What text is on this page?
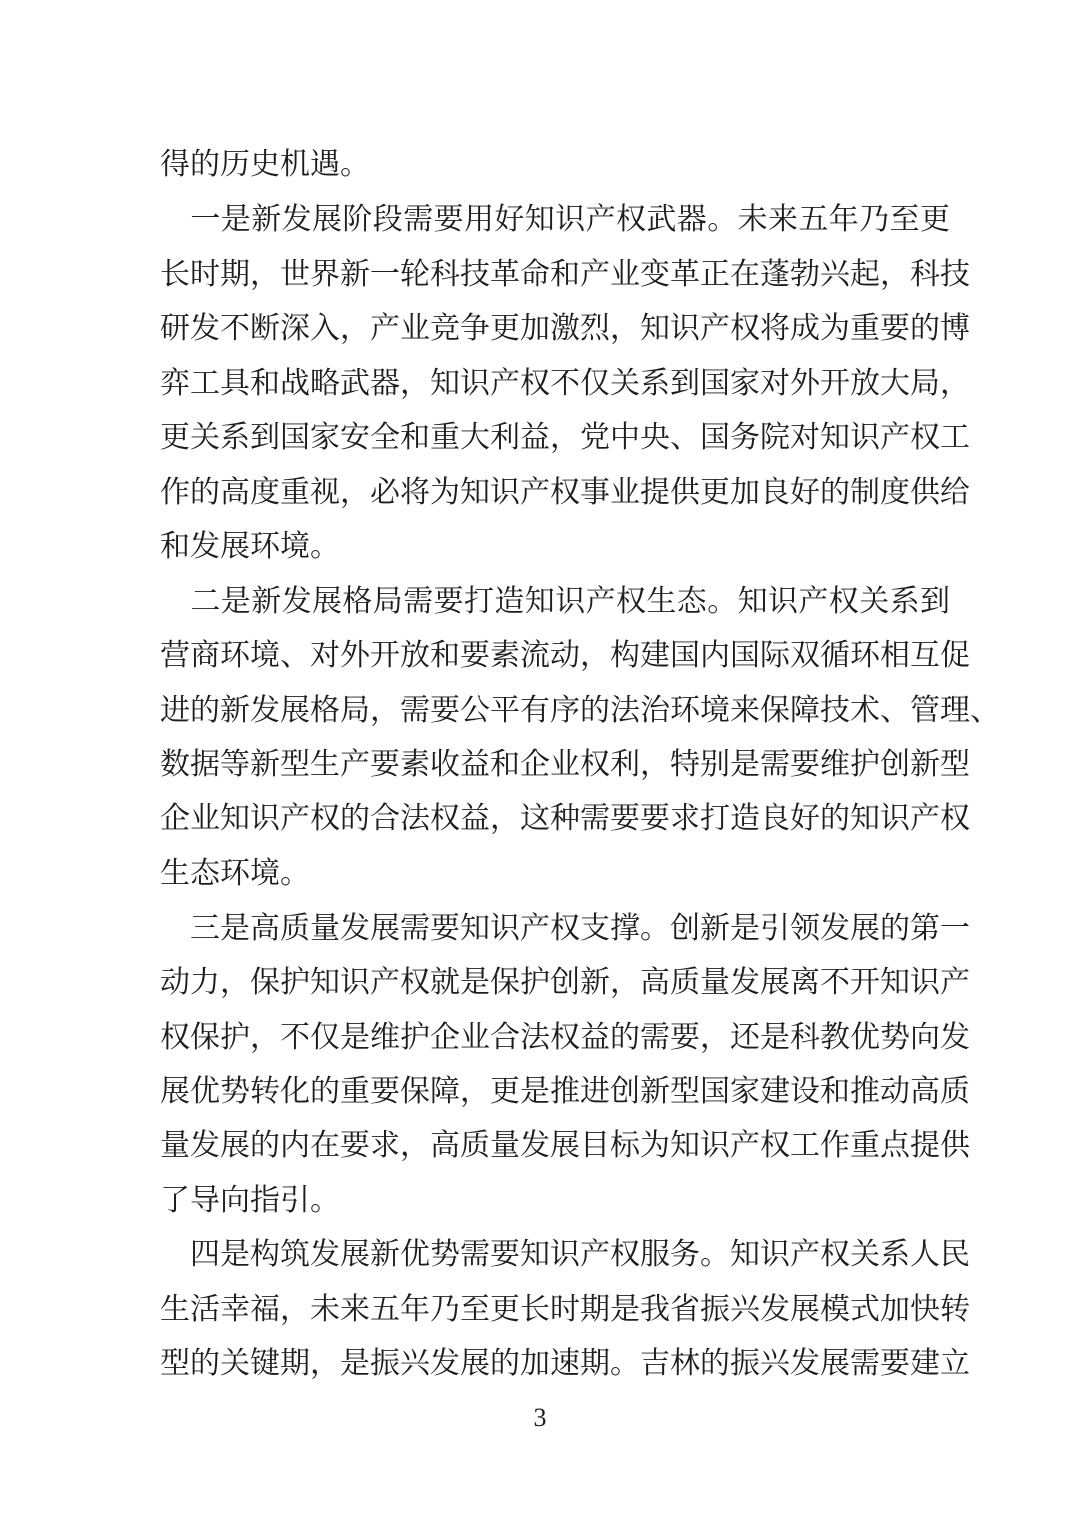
得的历史机遇。
　一是新发展阶段需要用好知识产权武器。未来五年乃至更
长时期，世界新一轮科技革命和产业变革正在蓬勃兴起，科技
研发不断深入，产业竞争更加激烈，知识产权将成为重要的博
弈工具和战略武器，知识产权不仅关系到国家对外开放大局，
更关系到国家安全和重大利益，党中央、国务院对知识产权工
作的高度重视，必将为知识产权事业提供更加良好的制度供给
和发展环境。
　二是新发展格局需要打造知识产权生态。知识产权关系到
营商环境、对外开放和要素流动，构建国内国际双循环相互促
进的新发展格局，需要公平有序的法治环境来保障技术、管理、
数据等新型生产要素收益和企业权利，特别是需要维护创新型
企业知识产权的合法权益，这种需要要求打造良好的知识产权
生态环境。
　三是高质量发展需要知识产权支撑。创新是引领发展的第一
动力，保护知识产权就是保护创新，高质量发展离不开知识产
权保护，不仅是维护企业合法权益的需要，还是科教优势向发
展优势转化的重要保障，更是推进创新型国家建设和推动高质
量发展的内在要求，高质量发展目标为知识产权工作重点提供
了导向指引。
　四是构筑发展新优势需要知识产权服务。知识产权关系人民
生活幸福，未来五年乃至更长时期是我省振兴发展模式加快转
型的关键期，是振兴发展的加速期。吉林的振兴发展需要建立
3
